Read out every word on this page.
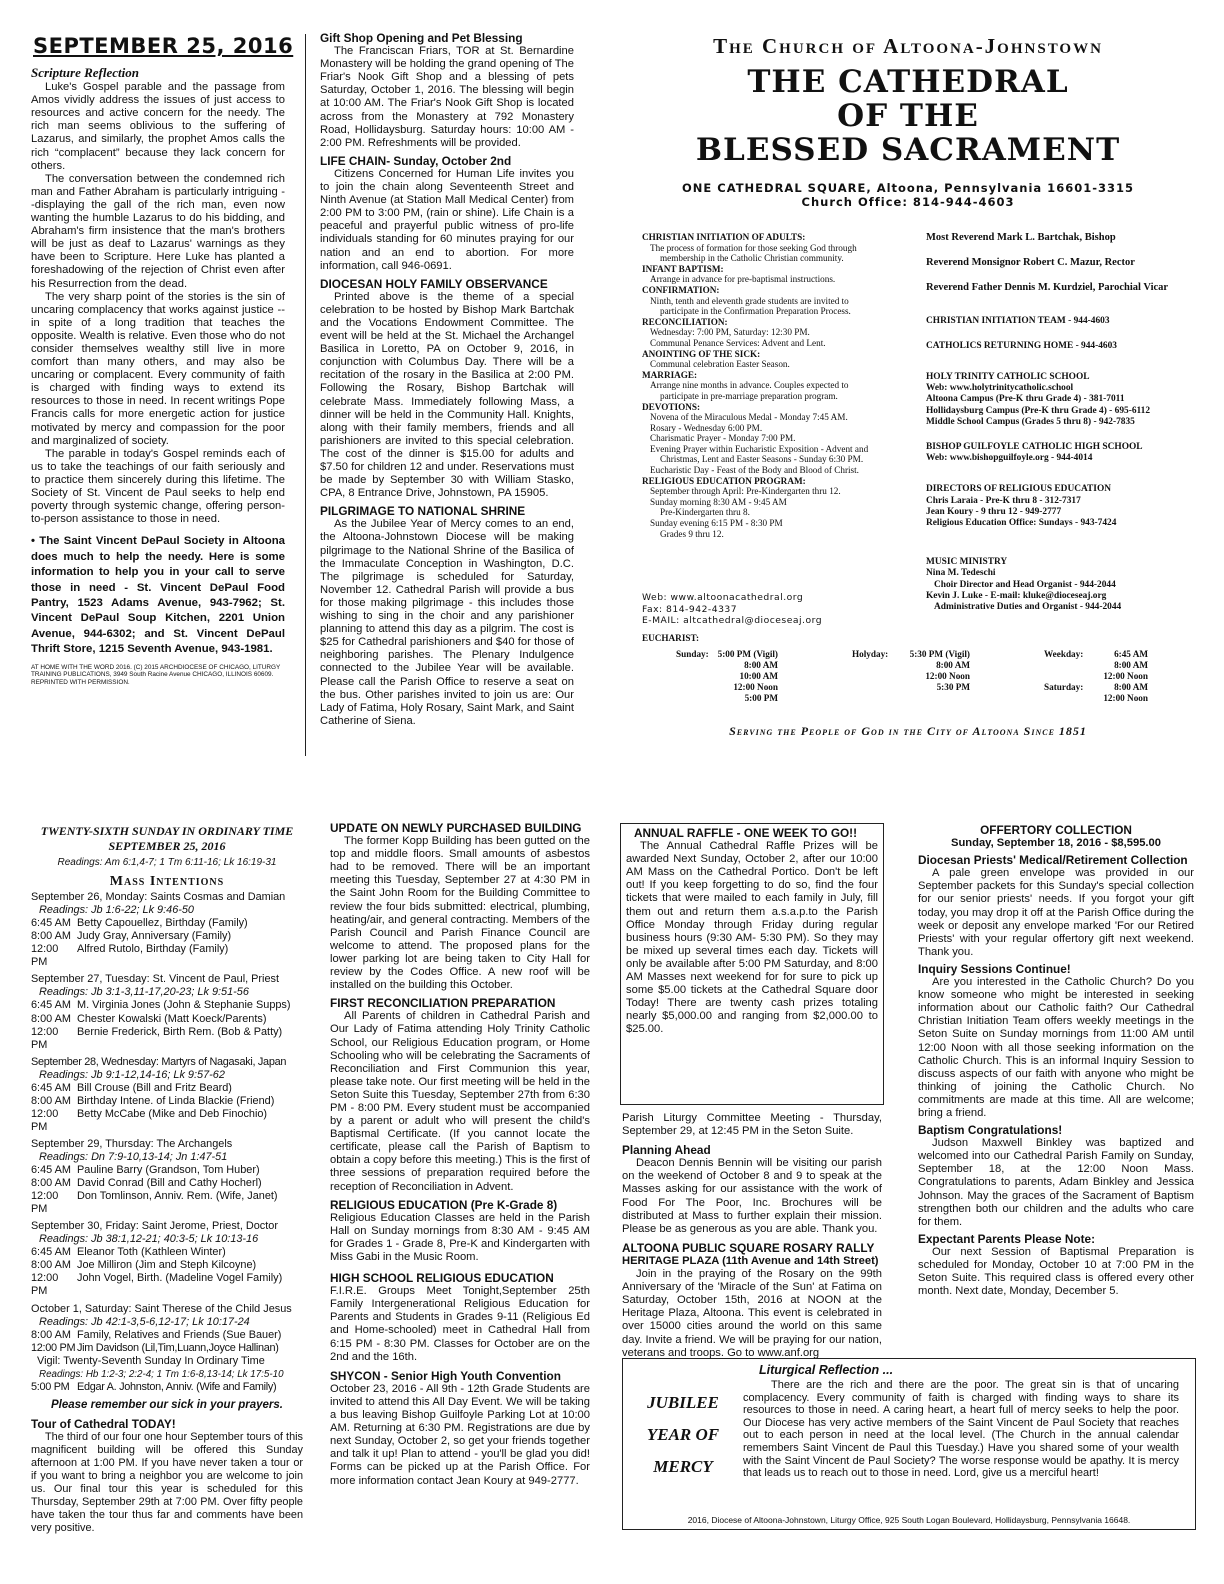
SEPTEMBER 25, 2016

Scripture Reflection

Luke's Gospel parable and the passage from Amos vividly address the issues of just access to resources and active concern for the needy. The rich man seems oblivious to the suffering of Lazarus, and similarly, the prophet Amos calls the rich “complacent” because they lack concern for others.

The conversation between the condemned rich man and Father Abraham is particularly intriguing --displaying the gall of the rich man, even now wanting the humble Lazarus to do his bidding, and Abraham's firm insistence that the man's brothers will be just as deaf to Lazarus' warnings as they have been to Scripture. Here Luke has planted a foreshadowing of the rejection of Christ even after his Resurrection from the dead.

The very sharp point of the stories is the sin of uncaring complacency that works against justice --in spite of a long tradition that teaches the opposite. Wealth is relative. Even those who do not consider themselves wealthy still live in more comfort than many others, and may also be uncaring or complacent. Every community of faith is charged with finding ways to extend its resources to those in need. In recent writings Pope Francis calls for more energetic action for justice motivated by mercy and compassion for the poor and marginalized of society.

The parable in today's Gospel reminds each of us to take the teachings of our faith seriously and to practice them sincerely during this lifetime. The Society of St. Vincent de Paul seeks to help end poverty through systemic change, offering person-to-person assistance to those in need.

• The Saint Vincent DePaul Society in Altoona does much to help the needy. Here is some information to help you in your call to serve those in need - St. Vincent DePaul Food Pantry, 1523 Adams Avenue, 943-7962; St. Vincent DePaul Soup Kitchen, 2201 Union Avenue, 944-6302; and St. Vincent DePaul Thrift Store, 1215 Seventh Avenue, 943-1981.

AT HOME WITH THE WORD 2016. (C) 2015 ARCHDIOCESE OF CHICAGO, LITURGY TRAINING PUBLICATIONS, 3949 South Racine Avenue CHICAGO, ILLINOIS 60609. REPRINTED WITH PERMISSION.

Gift Shop Opening and Pet Blessing

The Franciscan Friars, TOR at St. Bernardine Monastery will be holding the grand opening of The Friar's Nook Gift Shop and a blessing of pets Saturday, October 1, 2016. The blessing will begin at 10:00 AM. The Friar's Nook Gift Shop is located across from the Monastery at 792 Monastery Road, Hollidaysburg. Saturday hours: 10:00 AM - 2:00 PM. Refreshments will be provided.

LIFE CHAIN- Sunday, October 2nd

Citizens Concerned for Human Life invites you to join the chain along Seventeenth Street and Ninth Avenue (at Station Mall Medical Center) from 2:00 PM to 3:00 PM, (rain or shine). Life Chain is a peaceful and prayerful public witness of pro-life individuals standing for 60 minutes praying for our nation and an end to abortion. For more information, call 946-0691.

DIOCESAN HOLY FAMILY OBSERVANCE

Printed above is the theme of a special celebration to be hosted by Bishop Mark Bartchak and the Vocations Endowment Committee. The event will be held at the St. Michael the Archangel Basilica in Loretto, PA on October 9, 2016, in conjunction with Columbus Day. There will be a recitation of the rosary in the Basilica at 2:00 PM. Following the Rosary, Bishop Bartchak will celebrate Mass. Immediately following Mass, a dinner will be held in the Community Hall. Knights, along with their family members, friends and all parishioners are invited to this special celebration. The cost of the dinner is $15.00 for adults and $7.50 for children 12 and under. Reservations must be made by September 30 with William Stasko, CPA, 8 Entrance Drive, Johnstown, PA 15905.

PILGRIMAGE TO NATIONAL SHRINE

As the Jubilee Year of Mercy comes to an end, the Altoona-Johnstown Diocese will be making pilgrimage to the National Shrine of the Basilica of the Immaculate Conception in Washington, D.C. The pilgrimage is scheduled for Saturday, November 12. Cathedral Parish will provide a bus for those making pilgrimage - this includes those wishing to sing in the choir and any parishioner planning to attend this day as a pilgrim. The cost is $25 for Cathedral parishioners and $40 for those of neighboring parishes. The Plenary Indulgence connected to the Jubilee Year will be available. Please call the Parish Office to reserve a seat on the bus. Other parishes invited to join us are: Our Lady of Fatima, Holy Rosary, Saint Mark, and Saint Catherine of Siena.

The Church of Altoona-Johnstown
THE CATHEDRAL
OF THE
BLESSED SACRAMENT
ONE CATHEDRAL SQUARE, Altoona, Pennsylvania 16601-3315
Church Office: 814-944-4603
CHRISTIAN INITIATION OF ADULTS:
The process of formation for those seeking God through
membership in the Catholic Christian community.
INFANT BAPTISM:
Arrange in advance for pre-baptismal instructions.
CONFIRMATION:
Ninth, tenth and eleventh grade students are invited to
participate in the Confirmation Preparation Process.
RECONCILIATION:
Wednesday: 7:00 PM, Saturday: 12:30 PM.
Communal Penance Services: Advent and Lent.
ANOINTING OF THE SICK:
Communal celebration Easter Season.
MARRIAGE:
Arrange nine months in advance. Couples expected to
participate in pre-marriage preparation program.
DEVOTIONS:
Novena of the Miraculous Medal - Monday 7:45 AM.
Rosary - Wednesday 6:00 PM.
Charismatic Prayer - Monday 7:00 PM.
Evening Prayer within Eucharistic Exposition - Advent and
Christmas, Lent and Easter Seasons - Sunday 6:30 PM.
Eucharistic Day - Feast of the Body and Blood of Christ.
RELIGIOUS EDUCATION PROGRAM:
September through April: Pre-Kindergarten thru 12.
Sunday morning 8:30 AM - 9:45 AM
Pre-Kindergarten thru 8.
Sunday evening 6:15 PM - 8:30 PM
Grades 9 thru 12.
Most Reverend Mark L. Bartchak, Bishop
Reverend Monsignor Robert C. Mazur, Rector
Reverend Father Dennis M. Kurdziel, Parochial Vicar
CHRISTIAN INITIATION TEAM - 944-4603
CATHOLICS RETURNING HOME - 944-4603
HOLY TRINITY CATHOLIC SCHOOL
Web: www.holytrinitycatholic.school
Altoona Campus (Pre-K thru Grade 4) - 381-7011
Hollidaysburg Campus (Pre-K thru Grade 4) - 695-6112
Middle School Campus (Grades 5 thru 8) - 942-7835
BISHOP GUILFOYLE CATHOLIC HIGH SCHOOL
Web: www.bishopguilfoyle.org - 944-4014
DIRECTORS OF RELIGIOUS EDUCATION
Chris Laraia - Pre-K thru 8 - 312-7317
Jean Koury - 9 thru 12 - 949-2777
Religious Education Office: Sundays - 943-7424
MUSIC MINISTRY
Nina M. Tedeschi
Choir Director and Head Organist - 944-2044
Kevin J. Luke - E-mail: kluke@dioceseaj.org
Administrative Duties and Organist - 944-2044
Web: www.altoonacathedral.org
Fax: 814-942-4337
E-MAIL: altcathedral@dioceseaj.org
EUCHARIST:
Sunday: 5:00 PM (Vigil)
8:00 AM
10:00 AM
12:00 Noon
5:00 PM
Holyday:	5:30 PM (Vigil)
8:00 AM
12:00 Noon
5:30 PM
Weekday:	6:45 AM
8:00 AM
12:00 Noon
Saturday:	8:00 AM
12:00 Noon
Serving the People of God in the City of Altoona Since 1851
TWENTY-SIXTH SUNDAY IN ORDINARY TIME
SEPTEMBER 25, 2016
Readings: Am 6:1,4-7; 1 Tm 6:11-16; Lk 16:19-31
Mass Intentions
September 26, Monday: Saints Cosmas and Damian
Readings: Jb 1:6-22; Lk 9:46-50
6:45 AM Betty Capouellez, Birthday (Family)
8:00 AM Judy Gray, Anniversary (Family)
12:00 PM
Alfred Rutolo, Birthday (Family)
September 27, Tuesday: St. Vincent de Paul, Priest
Readings: Jb 3:1-3,11-17,20-23; Lk 9:51-56
6:45 AM M. Virginia Jones (John & Stephanie Supps)
8:00 AM Chester Kowalski (Matt Koeck/Parents)
12:00 PM
Bernie Frederick, Birth Rem. (Bob & Patty)
September 28, Wednesday: Martyrs of Nagasaki, Japan
Readings: Jb 9:1-12,14-16; Lk 9:57-62
6:45 AM Bill Crouse (Bill and Fritz Beard)
8:00 AM Birthday Intene. of Linda Blackie (Friend)
12:00 PM
Betty McCabe (Mike and Deb Finochio)
September 29, Thursday: The Archangels
Readings: Dn 7:9-10,13-14; Jn 1:47-51
6:45 AM Pauline Barry (Grandson, Tom Huber)
8:00 AM David Conrad (Bill and Cathy Hocherl)
12:00 PM
Don Tomlinson, Anniv. Rem. (Wife, Janet)
September 30, Friday: Saint Jerome, Priest, Doctor
Readings: Jb 38:1,12-21; 40:3-5; Lk 10:13-16
6:45 AM Eleanor Toth (Kathleen Winter)
8:00 AM Joe Milliron (Jim and Steph Kilcoyne)
12:00 PM
John Vogel, Birth. (Madeline Vogel Family)
October 1, Saturday: Saint Therese of the Child Jesus
Readings: Jb 42:1-3,5-6,12-17; Lk 10:17-24
8:00 AM Family, Relatives and Friends (Sue Bauer)
12:00 PM Jim Davidson (Lil,Tim,Luann,Joyce Hallinan)
Vigil: Twenty-Seventh Sunday In Ordinary Time
Readings: Hb 1:2-3; 2:2-4; 1 Tm 1:6-8,13-14; Lk 17:5-10
5:00 PM Edgar A. Johnston, Anniv. (Wife and Family)
Please remember our sick in your prayers.

Tour of Cathedral TODAY!

The third of our four one hour September tours of this magnificent building will be offered this Sunday afternoon at 1:00 PM. If you have never taken a tour or if you want to bring a neighbor you are welcome to join us. Our final tour this year is scheduled for this Thursday, September 29th at 7:00 PM. Over fifty people have taken the tour thus far and comments have been very positive.

UPDATE ON NEWLY PURCHASED BUILDING

The former Kopp Building has been gutted on the top and middle floors. Small amounts of asbestos had to be removed. There will be an important meeting this Tuesday, September 27 at 4:30 PM in the Saint John Room for the Building Committee to review the four bids submitted: electrical, plumbing, heating/air, and general contracting. Members of the Parish Council and Parish Finance Council are welcome to attend. The proposed plans for the lower parking lot are being taken to City Hall for review by the Codes Office. A new roof will be installed on the building this October.

FIRST RECONCILIATION PREPARATION

All Parents of children in Cathedral Parish and Our Lady of Fatima attending Holy Trinity Catholic School, our Religious Education program, or Home Schooling who will be celebrating the Sacraments of Reconciliation and First Communion this year, please take note. Our first meeting will be held in the Seton Suite this Tuesday, September 27th from 6:30 PM - 8:00 PM. Every student must be accompanied by a parent or adult who will present the child's Baptismal Certificate. (If you cannot locate the certificate, please call the Parish of Baptism to obtain a copy before this meeting.) This is the first of three sessions of preparation required before the reception of Reconciliation in Advent.

RELIGIOUS EDUCATION (Pre K-Grade 8)

Religious Education Classes are held in the Parish Hall on Sunday mornings from 8:30 AM - 9:45 AM for Grades 1 - Grade 8, Pre-K and Kindergarten with Miss Gabi in the Music Room.

HIGH SCHOOL RELIGIOUS EDUCATION

F.I.R.E. Groups Meet Tonight,September 25th Family Intergenerational Religious Education for Parents and Students in Grades 9-11 (Religious Ed and Home-schooled) meet in Cathedral Hall from 6:15 PM - 8:30 PM. Classes for October are on the 2nd and the 16th.

SHYCON - Senior High Youth Convention

October 23, 2016 - All 9th - 12th Grade Students are invited to attend this All Day Event. We will be taking a bus leaving Bishop Guilfoyle Parking Lot at 10:00 AM. Returning at 6:30 PM. Registrations are due by next Sunday, October 2, so get your friends together and talk it up! Plan to attend - you'll be glad you did! Forms can be picked up at the Parish Office. For more information contact Jean Koury at 949-2777.

ANNUAL RAFFLE - ONE WEEK TO GO!!

The Annual Cathedral Raffle Prizes will be awarded Next Sunday, October 2, after our 10:00 AM Mass on the Cathedral Portico. Don't be left out! If you keep forgetting to do so, find the four tickets that were mailed to each family in July, fill them out and return them a.s.a.p.to the Parish Office Monday through Friday during regular business hours (9:30 AM- 5:30 PM). So they may be mixed up several times each day. Tickets will only be available after 5:00 PM Saturday, and 8:00 AM Masses next weekend for for sure to pick up some $5.00 tickets at the Cathedral Square door Today! There are twenty cash prizes totaling nearly $5,000.00 and ranging from $2,000.00 to $25.00.

Parish Liturgy Committee Meeting - Thursday, September 29, at 12:45 PM in the Seton Suite.

Planning Ahead

Deacon Dennis Bennin will be visiting our parish on the weekend of October 8 and 9 to speak at the Masses asking for our assistance with the work of Food For The Poor, Inc. Brochures will be distributed at Mass to further explain their mission. Please be as generous as you are able. Thank you.

ALTOONA PUBLIC SQUARE ROSARY RALLY

HERITAGE PLAZA (11th Avenue and 14th Street)

Join in the praying of the Rosary on the 99th Anniversary of the 'Miracle of the Sun' at Fatima on Saturday, October 15th, 2016 at NOON at the Heritage Plaza, Altoona. This event is celebrated in over 15000 cities around the world on this same day. Invite a friend. We will be praying for our nation, veterans and troops. Go to www.anf.org

OFFERTORY COLLECTION

Sunday, September 18, 2016 - $8,595.00

Diocesan Priests' Medical/Retirement Collection

A pale green envelope was provided in our September packets for this Sunday's special collection for our senior priests' needs. If you forgot your gift today, you may drop it off at the Parish Office during the week or deposit any envelope marked 'For our Retired Priests' with your regular offertory gift next weekend. Thank you.

Inquiry Sessions Continue!

Are you interested in the Catholic Church? Do you know someone who might be interested in seeking information about our Catholic faith? Our Cathedral Christian Initiation Team offers weekly meetings in the Seton Suite on Sunday mornings from 11:00 AM until 12:00 Noon with all those seeking information on the Catholic Church. This is an informal Inquiry Session to discuss aspects of our faith with anyone who might be thinking of joining the Catholic Church. No commitments are made at this time. All are welcome; bring a friend.

Baptism Congratulations!

Judson Maxwell Binkley was baptized and welcomed into our Cathedral Parish Family on Sunday, September 18, at the 12:00 Noon Mass. Congratulations to parents, Adam Binkley and Jessica Johnson. May the graces of the Sacrament of Baptism strengthen both our children and the adults who care for them.

Expectant Parents Please Note:

Our next Session of Baptismal Preparation is scheduled for Monday, October 10 at 7:00 PM in the Seton Suite. This required class is offered every other month. Next date, Monday, December 5.

JUBILEE
YEAR OF
MERCY
Liturgical Reflection ...
There are the rich and there are the poor. The great sin is that of uncaring complacency. Every community of faith is charged with finding ways to share its resources to those in need. A caring heart, a heart full of mercy seeks to help the poor. Our Diocese has very active members of the Saint Vincent de Paul Society that reaches out to each person in need at the local level. (The Church in the annual calendar remembers Saint Vincent de Paul this Tuesday.) Have you shared some of your wealth with the Saint Vincent de Paul Society? The worse response would be apathy. It is mercy that leads us to reach out to those in need. Lord, give us a merciful heart!
2016, Diocese of Altoona-Johnstown, Liturgy Office, 925 South Logan Boulevard, Hollidaysburg, Pennsylvania 16648.
